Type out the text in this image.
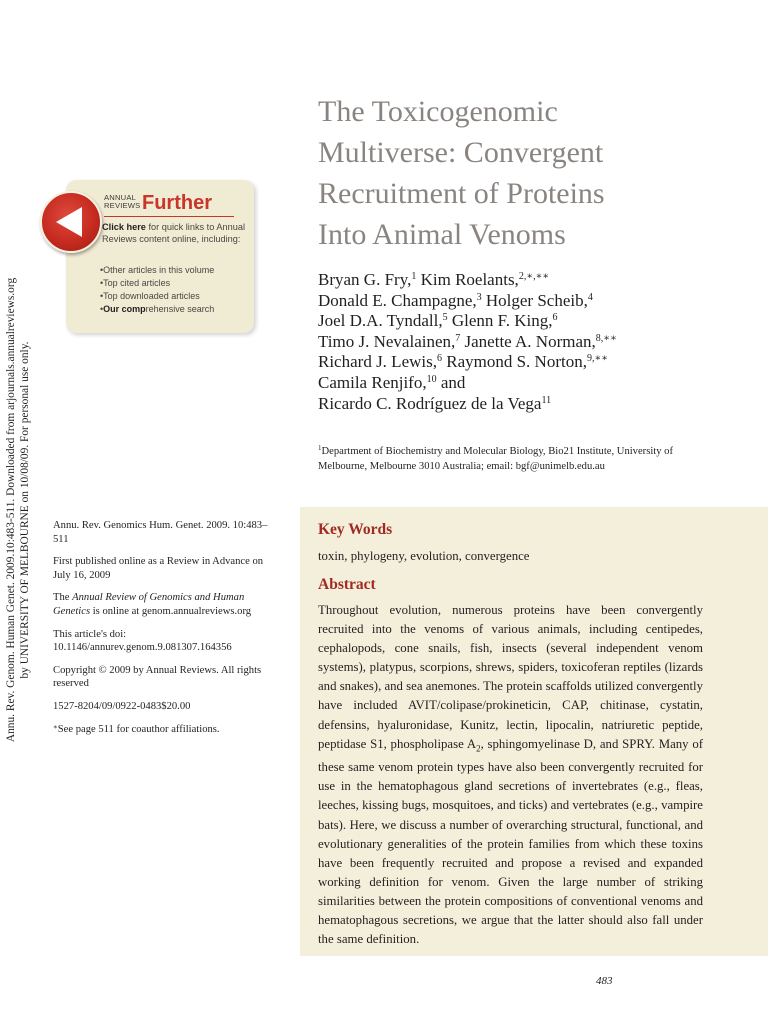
Annu. Rev. Genom. Human Genet. 2009.10:483-511. Downloaded from arjournals.annualreviews.org by UNIVERSITY OF MELBOURNE on 10/08/09. For personal use only.
The Toxicogenomic
Multiverse: Convergent
Recruitment of Proteins
Into Animal Venoms
Bryan G. Fry,$^1$ Kim Roelants,$^{2,∗,∗∗}$
Donald E. Champagne,$^3$ Holger Scheib,$^4$
Joel D.A. Tyndall,$^5$ Glenn F. King,$^6$
Timo J. Nevalainen,$^7$ Janette A. Norman,$^{8,∗∗}$
Richard J. Lewis,$^6$ Raymond S. Norton,$^{9,∗∗}$
Camila Renjifo,$^{10}$ and
Ricardo C. Rodríguez de la Vega$^{11}$
$^1$Department of Biochemistry and Molecular Biology, Bio21 Institute, University of Melbourne, Melbourne 3010 Australia; email: bgf@unimelb.edu.au
ANNUAL
REVIEWS Further
Click here for quick links to Annual Reviews content online, including:
• Other articles in this volume
• Top cited articles
• Top downloaded articles
• Our comprehensive search

Annu. Rev. Genomics Hum. Genet. 2009. 10:483–511

First published online as a Review in Advance on July 16, 2009

The Annual Review of Genomics and Human Genetics is online at genom.annualreviews.org

This article's doi:
10.1146/annurev.genom.9.081307.164356

Copyright © 2009 by Annual Reviews. All rights reserved

1527-8204/09/0922-0483$20.00

∗See page 511 for coauthor affiliations.

Key Words
toxin, phylogeny, evolution, convergence
Abstract
Throughout evolution, numerous proteins have been convergently recruited into the venoms of various animals, including centipedes, cephalopods, cone snails, fish, insects (several independent venom systems), platypus, scorpions, shrews, spiders, toxicoferan reptiles (lizards and snakes), and sea anemones. The protein scaffolds utilized convergently have included AVIT/colipase/prokineticin, CAP, chitinase, cystatin, defensins, hyaluronidase, Kunitz, lectin, lipocalin, natriuretic peptide, peptidase S1, phospholipase $A_2$, sphingomyelinase D, and SPRY. Many of these same venom protein types have also been convergently recruited for use in the hematophagous gland secretions of invertebrates (e.g., fleas, leeches, kissing bugs, mosquitoes, and ticks) and vertebrates (e.g., vampire bats). Here, we discuss a number of overarching structural, functional, and evolutionary generalities of the protein families from which these toxins have been frequently recruited and propose a revised and expanded working definition for venom. Given the large number of striking similarities between the protein compositions of conventional venoms and hematophagous secretions, we argue that the latter should also fall under the same definition.
483
